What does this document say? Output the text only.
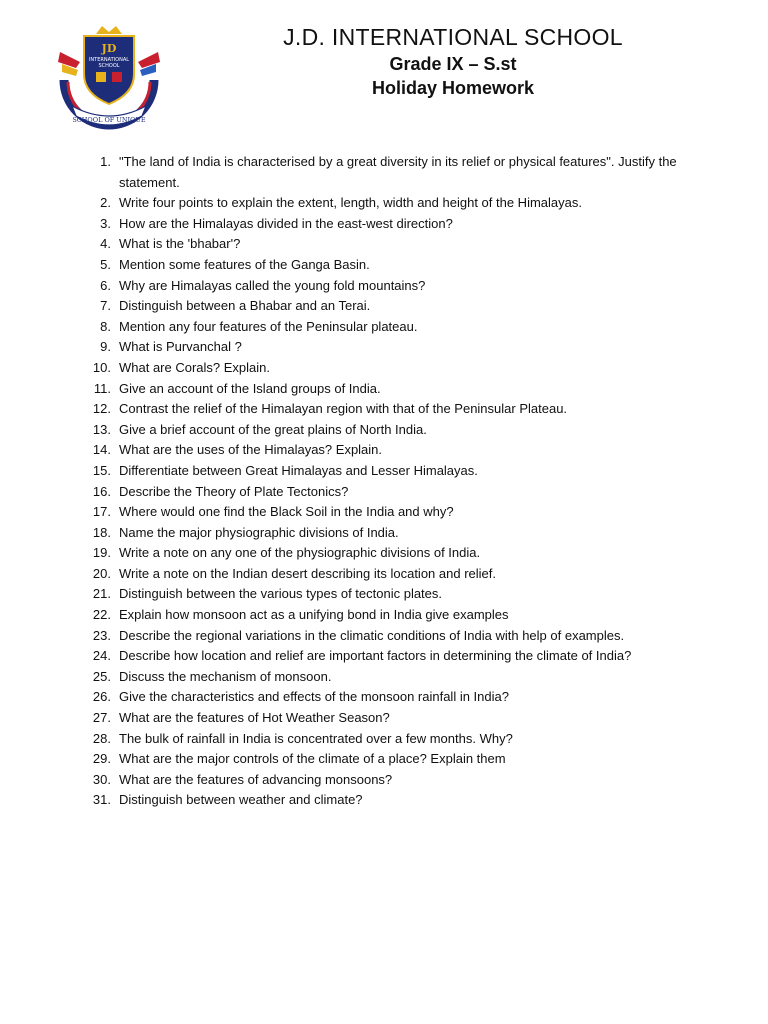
JD
INTERNATIONAL
SCHOOL
SCHOOL OF UNIQUE
J.D. INTERNATIONAL SCHOOL
Grade IX – S.st
Holiday Homework
1. "The land of India is characterised by a great diversity in its relief or physical features". Justify the statement.
2. Write four points to explain the extent, length, width and height of the Himalayas.
3. How are the Himalayas divided in the east-west direction?
4. What is the 'bhabar'?
5. Mention some features of the Ganga Basin.
6. Why are Himalayas called the young fold mountains?
7. Distinguish between a Bhabar and an Terai.
8. Mention any four features of the Peninsular plateau.
9. What is Purvanchal ?
10. What are Corals? Explain.
11. Give an account of the Island groups of India.
12. Contrast the relief of the Himalayan region with that of the Peninsular Plateau.
13. Give a brief account of the great plains of North India.
14. What are the uses of the Himalayas? Explain.
15. Differentiate between Great Himalayas and Lesser Himalayas.
16. Describe the Theory of Plate Tectonics?
17. Where would one find the Black Soil in the India and why?
18. Name the major physiographic divisions of India.
19. Write a note on any one of the physiographic divisions of India.
20. Write a note on the Indian desert describing its location and relief.
21. Distinguish between the various types of tectonic plates.
22. Explain how monsoon act as a unifying bond in India give examples
23. Describe the regional variations in the climatic conditions of India with help of examples.
24. Describe how location and relief are important factors in determining the climate of India?
25. Discuss the mechanism of monsoon.
26. Give the characteristics and effects of the monsoon rainfall in India?
27. What are the features of Hot Weather Season?
28. The bulk of rainfall in India is concentrated over a few months. Why?
29. What are the major controls of the climate of a place? Explain them
30. What are the features of advancing monsoons?
31. Distinguish between weather and climate?
